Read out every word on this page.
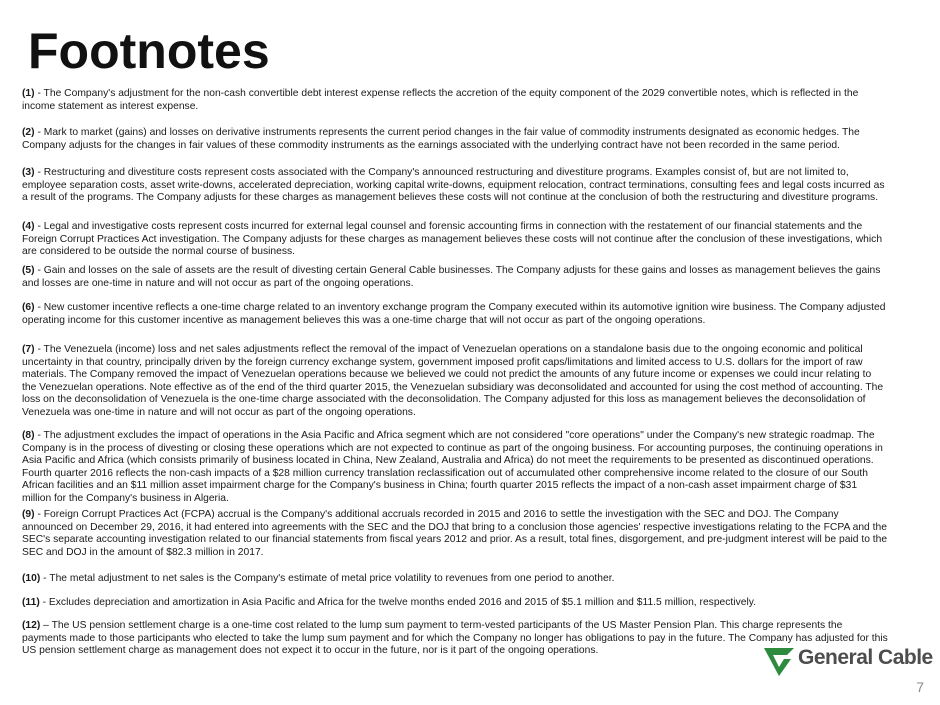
Footnotes

(1) - The Company's adjustment for the non-cash convertible debt interest expense reflects the accretion of the equity component of the 2029 convertible notes, which is reflected in the income statement as interest expense.

(2) - Mark to market (gains) and losses on derivative instruments represents the current period changes in the fair value of commodity instruments designated as economic hedges. The Company adjusts for the changes in fair values of these commodity instruments as the earnings associated with the underlying contract have not been recorded in the same period.

(3) - Restructuring and divestiture costs represent costs associated with the Company's announced restructuring and divestiture programs. Examples consist of, but are not limited to, employee separation costs, asset write-downs, accelerated depreciation, working capital write-downs, equipment relocation, contract terminations, consulting fees and legal costs incurred as a result of the programs. The Company adjusts for these charges as management believes these costs will not continue at the conclusion of both the restructuring and divestiture programs.

(4) - Legal and investigative costs represent costs incurred for external legal counsel and forensic accounting firms in connection with the restatement of our financial statements and the Foreign Corrupt Practices Act investigation. The Company adjusts for these charges as management believes these costs will not continue after the conclusion of these investigations, which are considered to be outside the normal course of business.

(5) - Gain and losses on the sale of assets are the result of divesting certain General Cable businesses. The Company adjusts for these gains and losses as management believes the gains and losses are one-time in nature and will not occur as part of the ongoing operations.

(6) - New customer incentive reflects a one-time charge related to an inventory exchange program the Company executed within its automotive ignition wire business. The Company adjusted operating income for this customer incentive as management believes this was a one-time charge that will not occur as part of the ongoing operations.

(7) - The Venezuela (income) loss and net sales adjustments reflect the removal of the impact of Venezuelan operations on a standalone basis due to the ongoing economic and political uncertainty in that country, principally driven by the foreign currency exchange system, government imposed profit caps/limitations and limited access to U.S. dollars for the import of raw materials. The Company removed the impact of Venezuelan operations because we believed we could not predict the amounts of any future income or expenses we could incur relating to the Venezuelan operations. Note effective as of the end of the third quarter 2015, the Venezuelan subsidiary was deconsolidated and accounted for using the cost method of accounting. The loss on the deconsolidation of Venezuela is the one-time charge associated with the deconsolidation. The Company adjusted for this loss as management believes the deconsolidation of Venezuela was one-time in nature and will not occur as part of the ongoing operations.

(8) - The adjustment excludes the impact of operations in the Asia Pacific and Africa segment which are not considered "core operations" under the Company's new strategic roadmap. The Company is in the process of divesting or closing these operations which are not expected to continue as part of the ongoing business. For accounting purposes, the continuing operations in Asia Pacific and Africa (which consists primarily of business located in China, New Zealand, Australia and Africa) do not meet the requirements to be presented as discontinued operations. Fourth quarter 2016 reflects the non-cash impacts of a $28 million currency translation reclassification out of accumulated other comprehensive income related to the closure of our South African facilities and an $11 million asset impairment charge for the Company's business in China; fourth quarter 2015 reflects the impact of a non-cash asset impairment charge of $31 million for the Company's business in Algeria.

(9) - Foreign Corrupt Practices Act (FCPA) accrual is the Company's additional accruals recorded in 2015 and 2016 to settle the investigation with the SEC and DOJ. The Company announced on December 29, 2016, it had entered into agreements with the SEC and the DOJ that bring to a conclusion those agencies' respective investigations relating to the FCPA and the SEC's separate accounting investigation related to our financial statements from fiscal years 2012 and prior. As a result, total fines, disgorgement, and pre-judgment interest will be paid to the SEC and DOJ in the amount of $82.3 million in 2017.

(10) - The metal adjustment to net sales is the Company's estimate of metal price volatility to revenues from one period to another.

(11) - Excludes depreciation and amortization in Asia Pacific and Africa for the twelve months ended 2016 and 2015 of $5.1 million and $11.5 million, respectively.

(12) – The US pension settlement charge is a one-time cost related to the lump sum payment to term-vested participants of the US Master Pension Plan. This charge represents the payments made to those participants who elected to take the lump sum payment and for which the Company no longer has obligations to pay in the future. The Company has adjusted for this US pension settlement charge as management does not expect it to occur in the future, nor is it part of the ongoing operations.	General Cable
7
